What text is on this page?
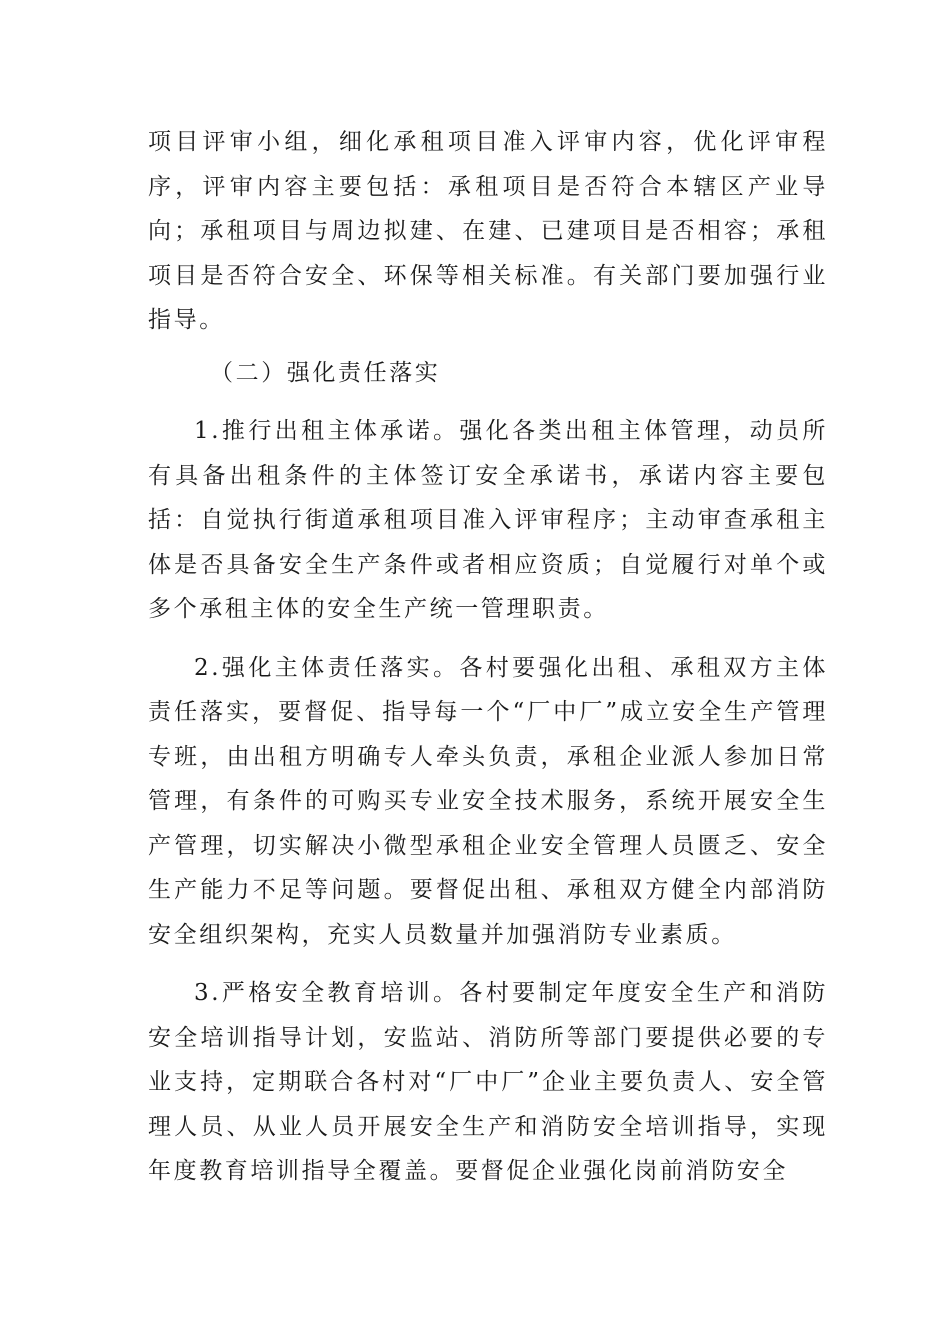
项目评审小组，细化承租项目准入评审内容，优化评审程序，评审内容主要包括：承租项目是否符合本辖区产业导向；承租项目与周边拟建、在建、已建项目是否相容；承租项目是否符合安全、环保等相关标准。有关部门要加强行业指导。

（二）强化责任落实

1.推行出租主体承诺。强化各类出租主体管理，动员所有具备出租条件的主体签订安全承诺书，承诺内容主要包括：自觉执行街道承租项目准入评审程序；主动审查承租主体是否具备安全生产条件或者相应资质；自觉履行对单个或多个承租主体的安全生产统一管理职责。

2.强化主体责任落实。各村要强化出租、承租双方主体责任落实，要督促、指导每一个“厂中厂”成立安全生产管理专班，由出租方明确专人牵头负责，承租企业派人参加日常管理，有条件的可购买专业安全技术服务，系统开展安全生产管理，切实解决小微型承租企业安全管理人员匮乏、安全生产能力不足等问题。要督促出租、承租双方健全内部消防安全组织架构，充实人员数量并加强消防专业素质。

3.严格安全教育培训。各村要制定年度安全生产和消防安全培训指导计划，安监站、消防所等部门要提供必要的专业支持，定期联合各村对“厂中厂”企业主要负责人、安全管理人员、从业人员开展安全生产和消防安全培训指导，实现年度教育培训指导全覆盖。要督促企业强化岗前消防安全
